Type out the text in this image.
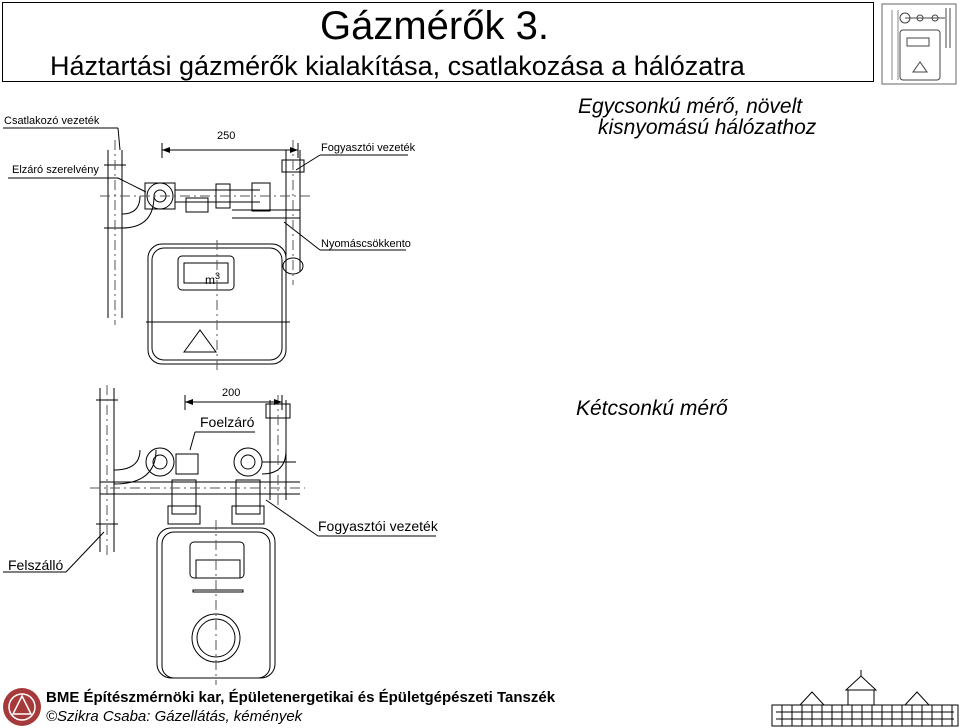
Gázmérők 3.
Háztartási gázmérők kialakítása, csatlakozása a hálózatra
Egycsonkú mérő, növelt
kisnyomású hálózathoz
Csatlakozó vezeték
Elzáró szerelvény
250
Fogyasztói vezeték
Nyomáscsökkento
$m^3$
Kétcsonkú mérő
200
Foelzáró
Fogyasztói vezeték
Felszálló
BME Építészmérnöki kar, Épületenergetikai és Épületgépészeti Tanszék
©Szikra Csaba: Gázellátás, kémények
